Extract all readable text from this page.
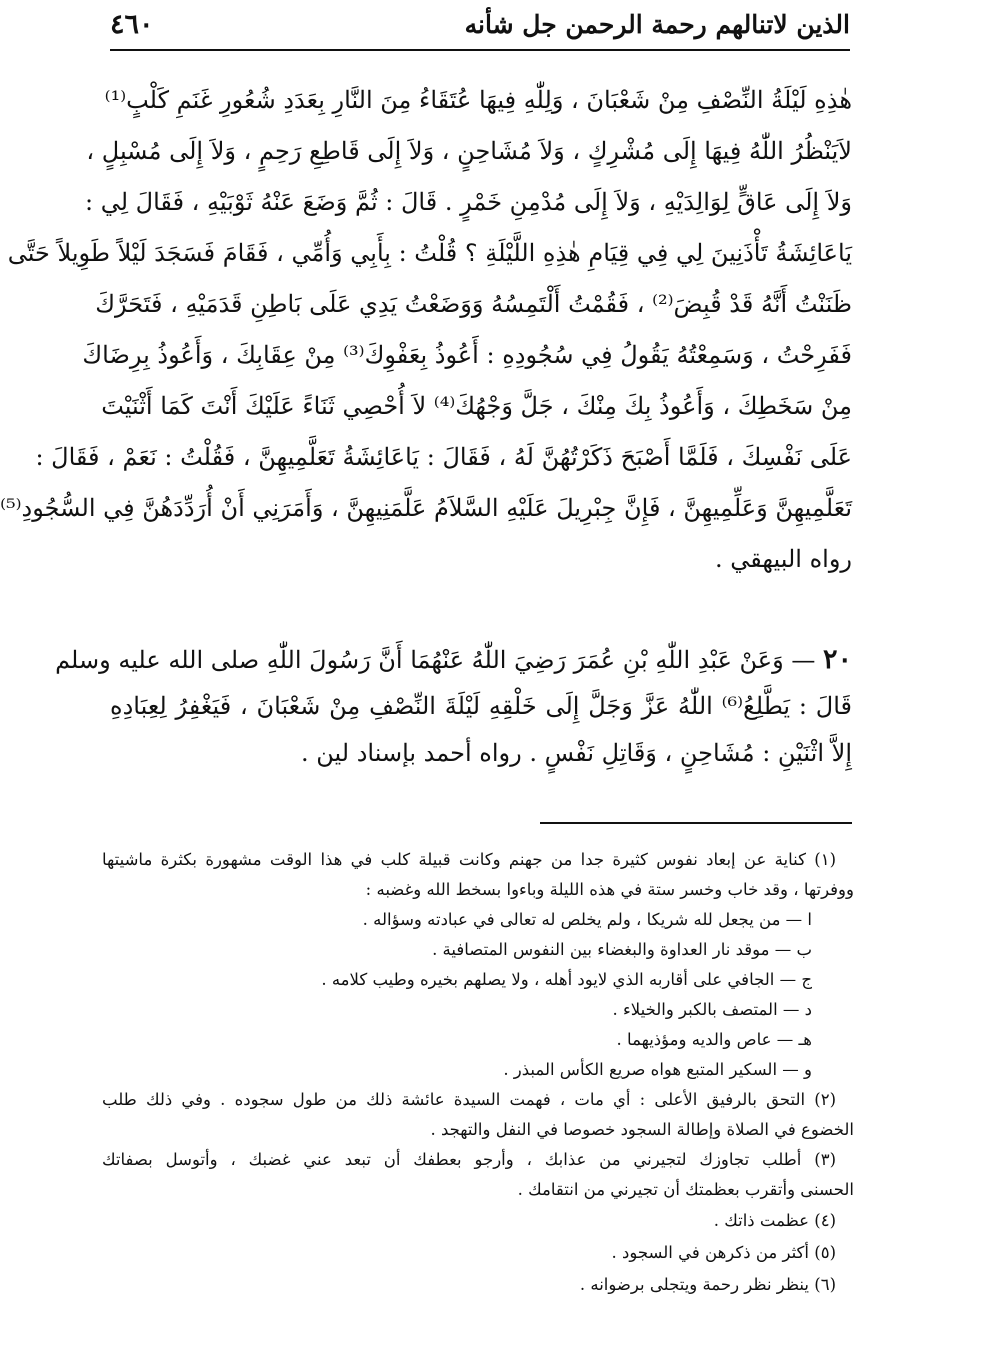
الذين لاتنالهم رحمة الرحمن جل شأنه
٤٦٠
هٰذِهِ لَيْلَةُ النِّصْفِ مِنْ شَعْبَانَ ، وَلِلّٰهِ فِيهَا عُتَقَاءُ مِنَ النَّارِ بِعَدَدِ شُعُورِ غَنَمِ كَلْبٍ⁽¹⁾
لاَيَنْظُرُ اللّٰهُ فِيهَا إِلَى مُشْرِكٍ ، وَلاَ مُشَاحِنٍ ، وَلاَ إِلَى قَاطِعِ رَحِمٍ ، وَلاَ إِلَى مُسْبِلٍ ،
وَلاَ إِلَى عَاقٍّ لِوَالِدَيْهِ ، وَلاَ إِلَى مُدْمِنِ خَمْرٍ . قَالَ : ثُمَّ وَضَعَ عَنْهُ ثَوْبَيْهِ ، فَقَالَ لِي :
يَاعَائِشَةُ تَأْذَنِينَ لِي فِي قِيَامِ هٰذِهِ اللَّيْلَةِ ؟ قُلْتُ : بِأَبِي وَأُمِّي ، فَقَامَ فَسَجَدَ لَيْلاً طَوِيلاً حَتَّى
ظَنَنْتُ أَنَّهُ قَدْ قُبِضَ⁽²⁾ ، فَقُمْتُ أَلْتَمِسُهُ وَوَضَعْتُ يَدِي عَلَى بَاطِنِ قَدَمَيْهِ ، فَتَحَرَّكَ
فَفَرِحْتُ ، وَسَمِعْتُهُ يَقُولُ فِي سُجُودِهِ : أَعُوذُ بِعَفْوِكَ⁽³⁾ مِنْ عِقَابِكَ ، وَأَعُوذُ بِرِضَاكَ
مِنْ سَخَطِكَ ، وَأَعُوذُ بِكَ مِنْكَ ، جَلَّ وَجْهُكَ⁽⁴⁾ لاَ أُحْصِي ثَنَاءً عَلَيْكَ أَنْتَ كَمَا أَثْنَيْتَ
عَلَى نَفْسِكَ ، فَلَمَّا أَصْبَحَ ذَكَرْتُهُنَّ لَهُ ، فَقَالَ : يَاعَائِشَةُ تَعَلَّمِيهِنَّ ، فَقُلْتُ : نَعَمْ ، فَقَالَ :
تَعَلَّمِيهِنَّ وَعَلِّمِيهِنَّ ، فَإِنَّ جِبْرِيلَ عَلَيْهِ السَّلاَمُ عَلَّمَنِيهِنَّ ، وَأَمَرَنِي أَنْ أُرَدِّدَهُنَّ فِي السُّجُودِ⁽⁵⁾
رواه البيهقي .
٢٠ — وَعَنْ عَبْدِ اللّٰهِ بْنِ عُمَرَ رَضِيَ اللّٰهُ عَنْهُمَا أَنَّ رَسُولَ اللّٰهِ صلى الله عليه وسلم
قَالَ : يَطَّلِعُ⁽⁶⁾ اللّٰهُ عَزَّ وَجَلَّ إِلَى خَلْقِهِ لَيْلَةَ النِّصْفِ مِنْ شَعْبَانَ ، فَيَغْفِرُ لِعِبَادِهِ
إِلاَّ اثْنَيْنِ : مُشَاحِنٍ ، وَقَاتِلِ نَفْسٍ . رواه أحمد بإسناد لين .
(١) كناية عن إبعاد نفوس كثيرة جدا من جهنم وكانت قبيلة كلب في هذا الوقت مشهورة بكثرة ماشيتها
ووفرتها ، وقد خاب وخسر ستة في هذه الليلة وباءوا بسخط الله وغضبه :
ا — من يجعل لله شريكا ، ولم يخلص له تعالى في عبادته وسؤاله .
ب — موقد نار العداوة والبغضاء بين النفوس المتصافية .
ج — الجافي على أقاربه الذي لايود أهله ، ولا يصلهم بخيره وطيب كلامه .
د — المتصف بالكبر والخيلاء .
هـ — عاص والديه ومؤذيهما .
و — السكير المتبع هواه صريع الكأس المبذر .
(٢) التحق بالرفيق الأعلى : أي مات ، فهمت السيدة عائشة ذلك من طول سجوده . وفي ذلك طلب
الخضوع في الصلاة وإطالة السجود خصوصا في النفل والتهجد .
(٣) أطلب تجاوزك لتجيرني من عذابك ، وأرجو بعطفك أن تبعد عني غضبك ، وأتوسل بصفاتك
الحسنى وأتقرب بعظمتك أن تجيرني من انتقامك .
(٤) عظمت ذاتك .
(٥) أكثر من ذكرهن في السجود .
(٦) ينظر نظر رحمة ويتجلى برضوانه .
